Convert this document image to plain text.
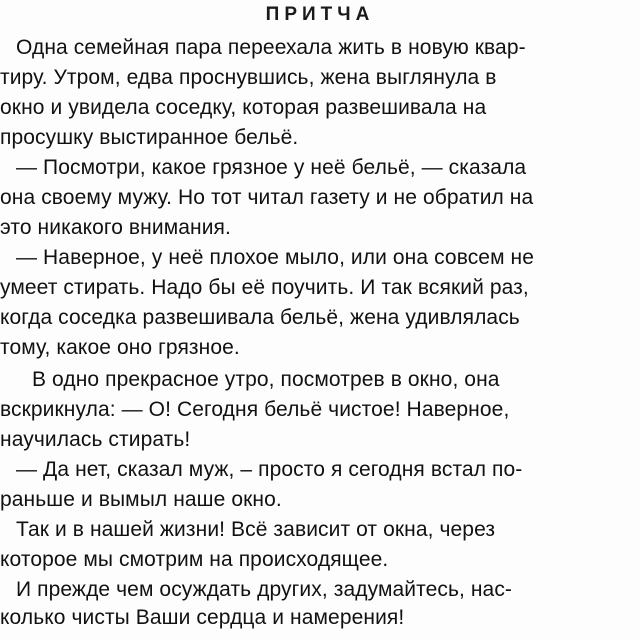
ПРИТЧА
Одна семейная пара переехала жить в новую квар-
тиру. Утром, едва проснувшись, жена выглянула в
окно и увидела соседку, которая развешивала на
просушку выстиранное бельё.
— Посмотри, какое грязное у неё бельё, — сказала
она своему мужу. Но тот читал газету и не обратил на
это никакого внимания.
— Наверное, у неё плохое мыло, или она совсем не
умеет стирать. Надо бы её поучить. И так всякий раз,
когда соседка развешивала бельё, жена удивлялась
тому, какое оно грязное.
В одно прекрасное утро, посмотрев в окно, она
вскрикнула: — О! Сегодня бельё чистое! Наверное,
научилась стирать!
— Да нет, сказал муж, – просто я сегодня встал по-
раньше и вымыл наше окно.
Так и в нашей жизни! Всё зависит от окна, через
которое мы смотрим на происходящее.
И прежде чем осуждать других, задумайтесь, нас-
колько чисты Ваши сердца и намерения!
